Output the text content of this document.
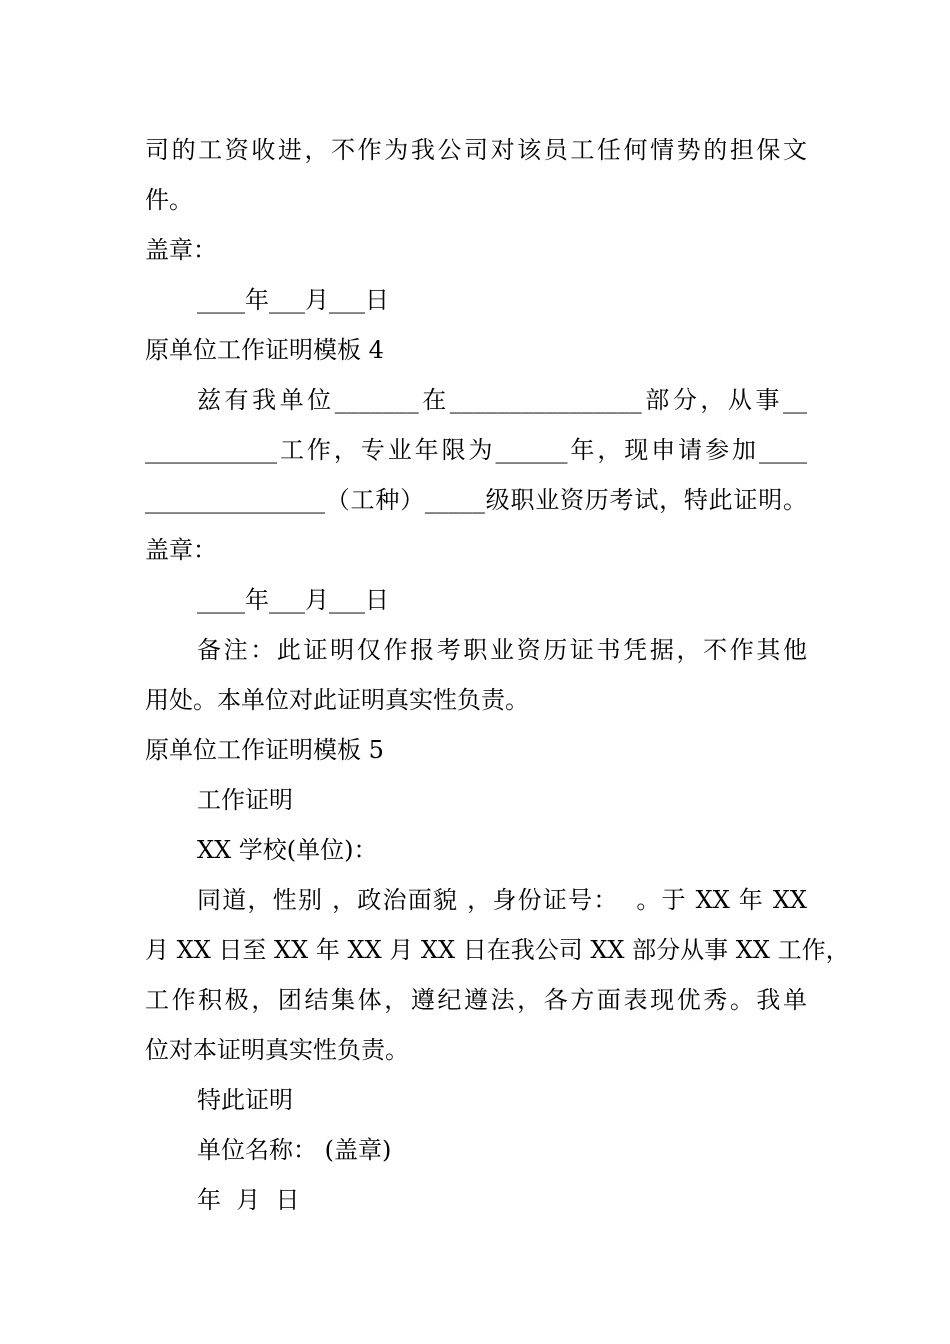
司的工资收进，不作为我公司对该员工任何情势的担保文
件。
盖章：
____年___月___日
原单位工作证明模板 4
兹有我单位_______在________________部分，从事__
___________工作，专业年限为______年，现申请参加____
_______________（工种）_____级职业资历考试，特此证明。
盖章：
____年___月___日
备注：此证明仅作报考职业资历证书凭据，不作其他
用处。本单位对此证明真实性负责。
原单位工作证明模板 5
工作证明
XX 学校(单位)：
同道，性别 ，政治面貌 ，身份证号：  。于 XX 年 XX
月 XX 日至 XX 年 XX 月 XX 日在我公司 XX 部分从事 XX 工作，
工作积极，团结集体，遵纪遵法，各方面表现优秀。我单
位对本证明真实性负责。
特此证明
单位名称： (盖章)
年  月  日
